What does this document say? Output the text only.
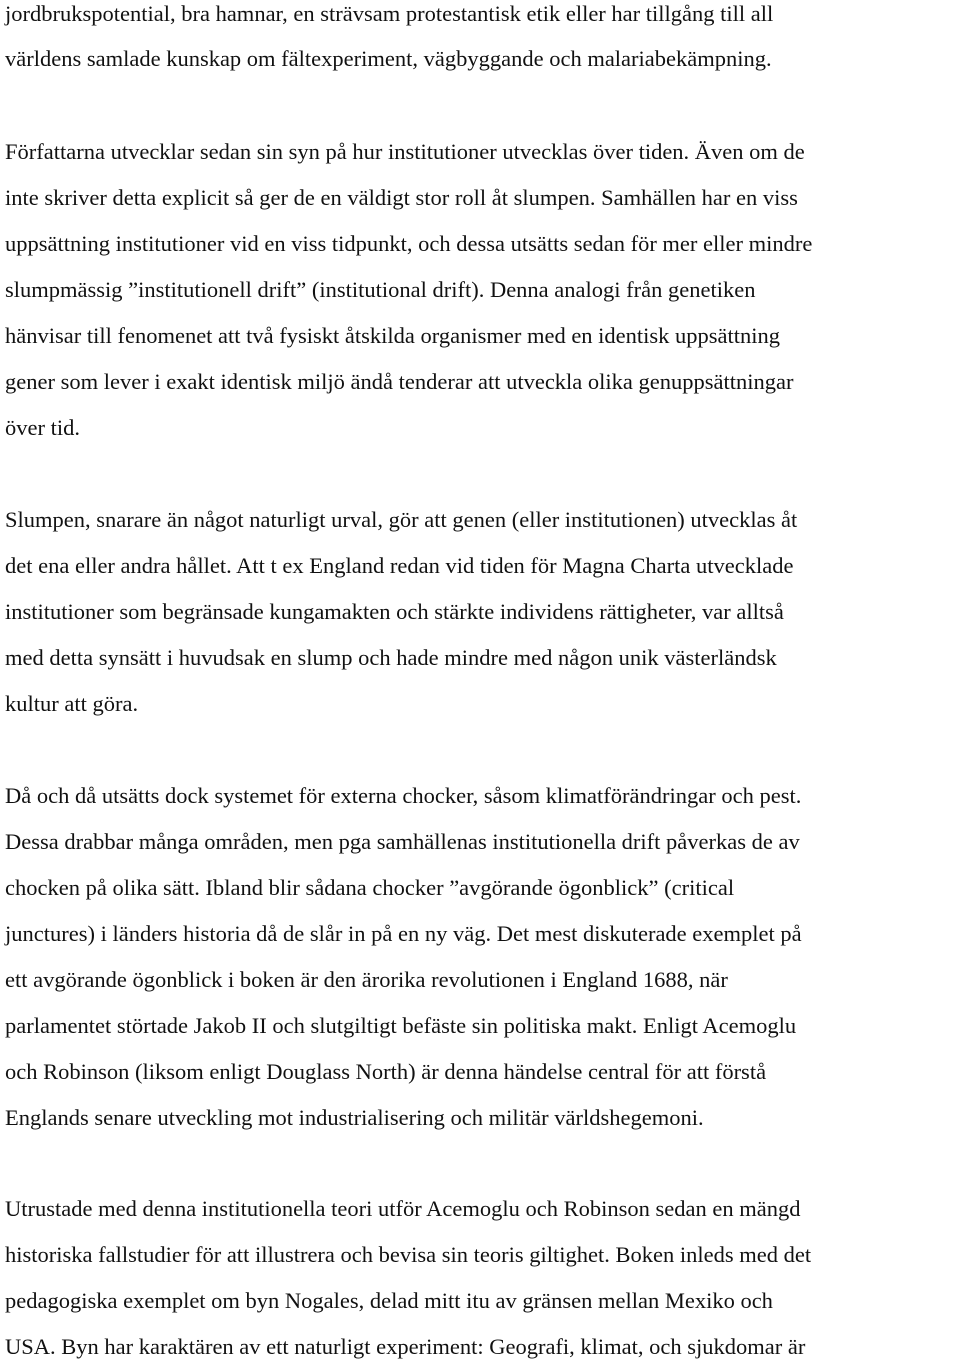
jordbrukspotential, bra hamnar, en strävsam protestantisk etik eller har tillgång till all
världens samlade kunskap om fältexperiment, vägbyggande och malariabekämpning.
Författarna utvecklar sedan sin syn på hur institutioner utvecklas över tiden. Även om de
inte skriver detta explicit så ger de en väldigt stor roll åt slumpen. Samhällen har en viss
uppsättning institutioner vid en viss tidpunkt, och dessa utsätts sedan för mer eller mindre
slumpmässig ”institutionell drift” (institutional drift). Denna analogi från genetiken
hänvisar till fenomenet att två fysiskt åtskilda organismer med en identisk uppsättning
gener som lever i exakt identisk miljö ändå tenderar att utveckla olika genuppsättningar
över tid.
Slumpen, snarare än något naturligt urval, gör att genen (eller institutionen) utvecklas åt
det ena eller andra hållet. Att t ex England redan vid tiden för Magna Charta utvecklade
institutioner som begränsade kungamakten och stärkte individens rättigheter, var alltså
med detta synsätt i huvudsak en slump och hade mindre med någon unik västerländsk
kultur att göra.
Då och då utsätts dock systemet för externa chocker, såsom klimatförändringar och pest.
Dessa drabbar många områden, men pga samhällenas institutionella drift påverkas de av
chocken på olika sätt. Ibland blir sådana chocker ”avgörande ögonblick” (critical
junctures) i länders historia då de slår in på en ny väg. Det mest diskuterade exemplet på
ett avgörande ögonblick i boken är den ärorika revolutionen i England 1688, när
parlamentet störtade Jakob II och slutgiltigt befäste sin politiska makt. Enligt Acemoglu
och Robinson (liksom enligt Douglass North) är denna händelse central för att förstå
Englands senare utveckling mot industrialisering och militär världshegemoni.
Utrustade med denna institutionella teori utför Acemoglu och Robinson sedan en mängd
historiska fallstudier för att illustrera och bevisa sin teoris giltighet. Boken inleds med det
pedagogiska exemplet om byn Nogales, delad mitt itu av gränsen mellan Mexiko och
USA. Byn har karaktären av ett naturligt experiment: Geografi, klimat, och sjukdomar är
